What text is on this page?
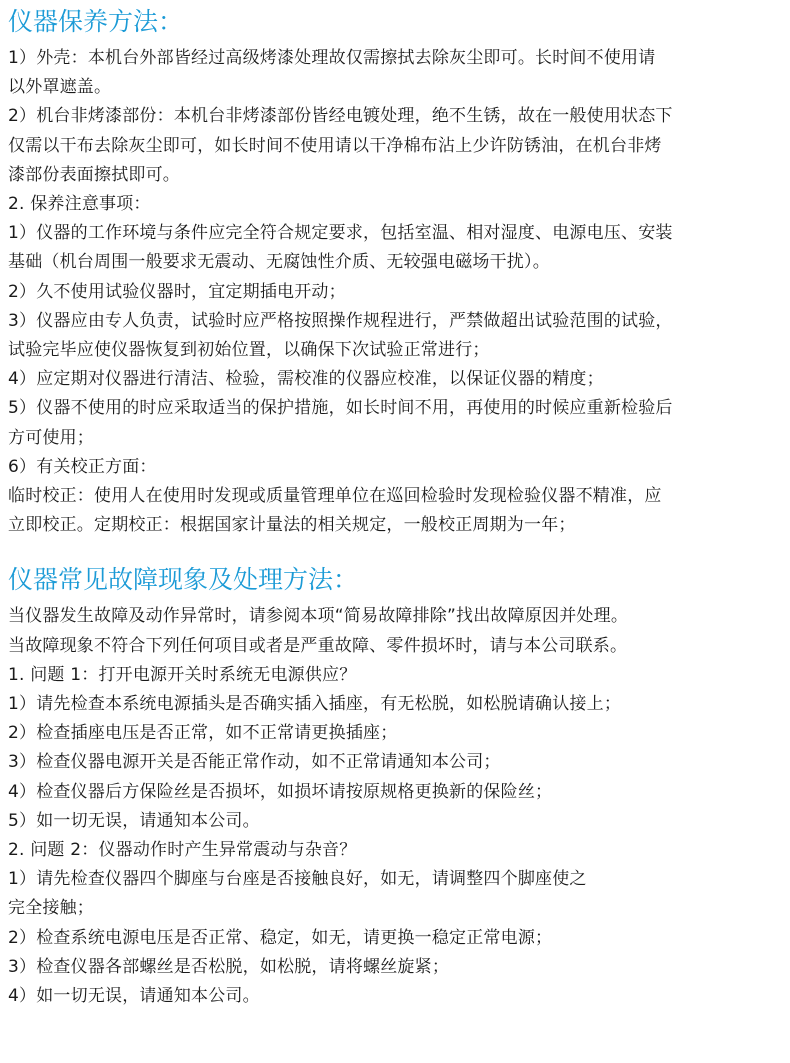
仪器保养方法：

1）外壳：本机台外部皆经过高级烤漆处理故仅需擦拭去除灰尘即可。长时间不使用请

以外罩遮盖。

2）机台非烤漆部份：本机台非烤漆部份皆经电镀处理，绝不生锈，故在一般使用状态下

仅需以干布去除灰尘即可，如长时间不使用请以干净棉布沾上少许防锈油，在机台非烤

漆部份表面擦拭即可。

2. 保养注意事项：

1）仪器的工作环境与条件应完全符合规定要求，包括室温、相对湿度、电源电压、安装

基础（机台周围一般要求无震动、无腐蚀性介质、无较强电磁场干扰）。

2）久不使用试验仪器时，宜定期插电开动；

3）仪器应由专人负责，试验时应严格按照操作规程进行，严禁做超出试验范围的试验，

试验完毕应使仪器恢复到初始位置，以确保下次试验正常进行；

4）应定期对仪器进行清洁、检验，需校准的仪器应校准，以保证仪器的精度；

5）仪器不使用的时应采取适当的保护措施，如长时间不用，再使用的时候应重新检验后

方可使用；

6）有关校正方面：

临时校正：使用人在使用时发现或质量管理单位在巡回检验时发现检验仪器不精准，应

立即校正。定期校正：根据国家计量法的相关规定，一般校正周期为一年；

仪器常见故障现象及处理方法：

当仪器发生故障及动作异常时，请参阅本项“简易故障排除”找出故障原因并处理。

当故障现象不符合下列任何项目或者是严重故障、零件损坏时，请与本公司联系。

1. 问题 1：打开电源开关时系统无电源供应？

1）请先检查本系统电源插头是否确实插入插座，有无松脱，如松脱请确认接上；

2）检查插座电压是否正常，如不正常请更换插座；

3）检查仪器电源开关是否能正常作动，如不正常请通知本公司；

4）检查仪器后方保险丝是否损坏，如损坏请按原规格更换新的保险丝；

5）如一切无误，请通知本公司。

2. 问题 2：仪器动作时产生异常震动与杂音？

1）请先检查仪器四个脚座与台座是否接触良好，如无，请调整四个脚座使之

完全接触；

2）检查系统电源电压是否正常、稳定，如无，请更换一稳定正常电源；

3）检查仪器各部螺丝是否松脱，如松脱，请将螺丝旋紧；

4）如一切无误，请通知本公司。
